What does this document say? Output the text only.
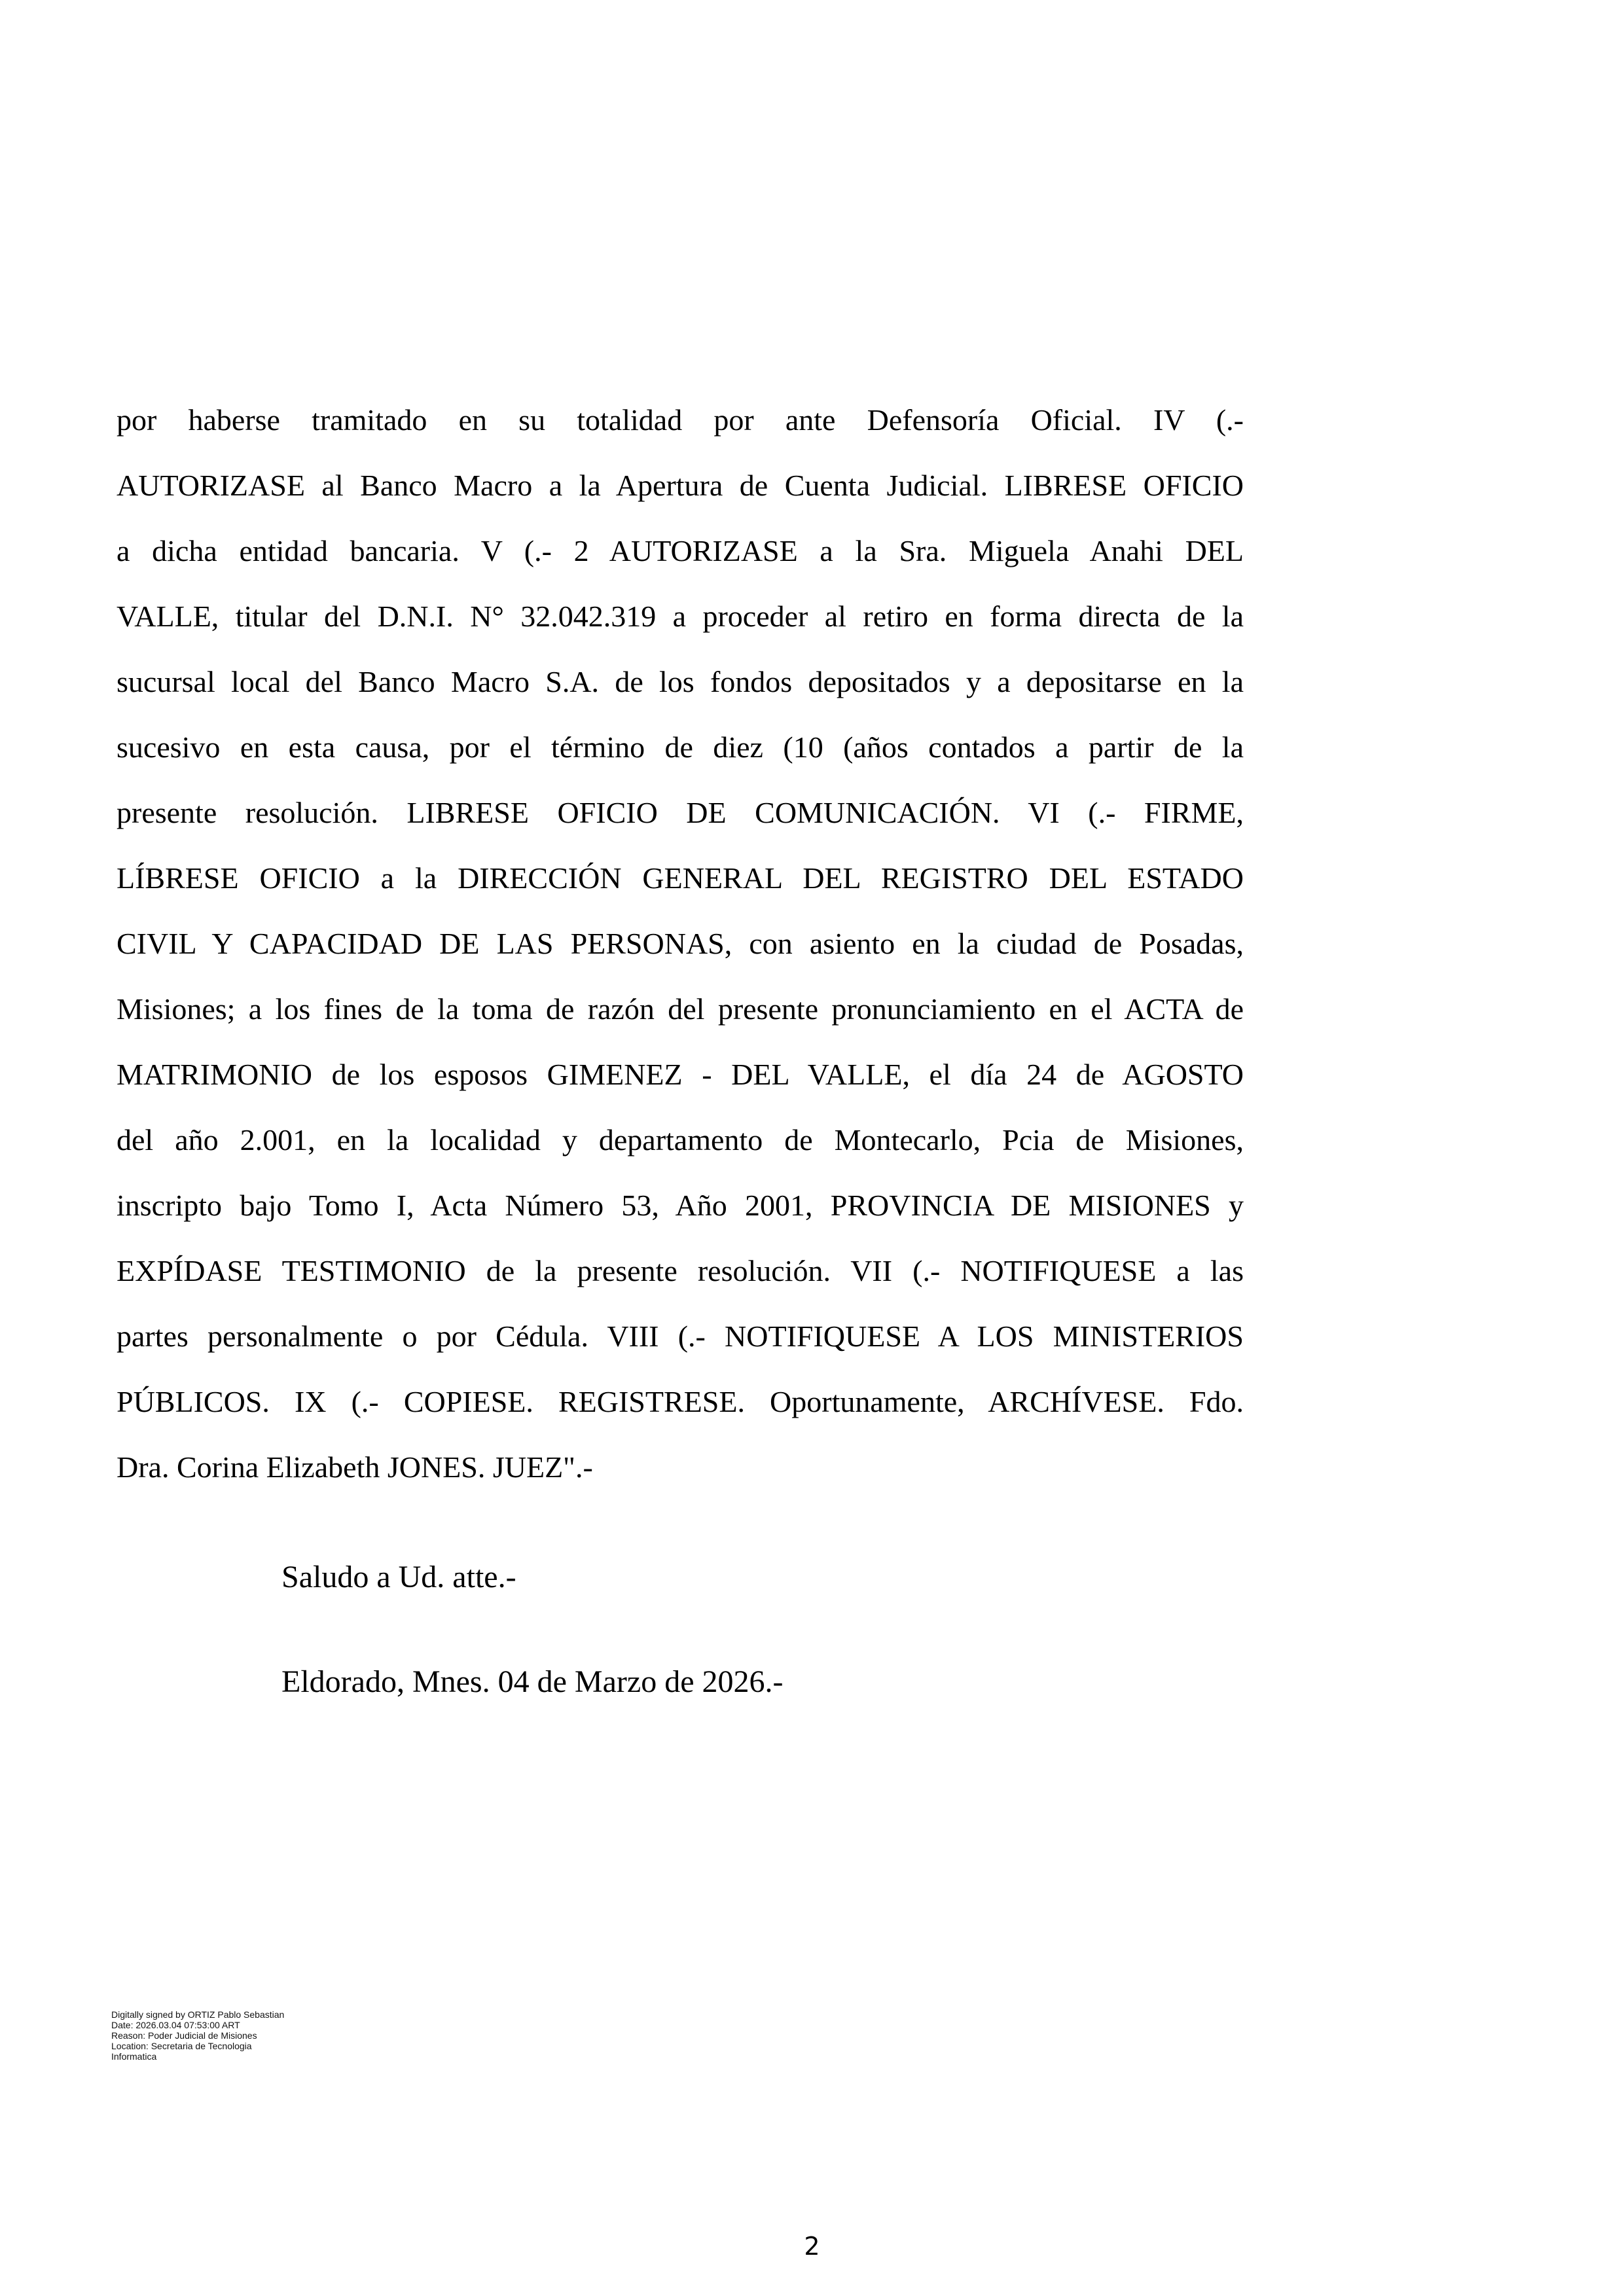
por haberse tramitado en su totalidad por ante Defensoría Oficial. IV (.-
AUTORIZASE al Banco Macro a la Apertura de Cuenta Judicial. LIBRESE OFICIO
a dicha entidad bancaria. V (.- 2 AUTORIZASE a la Sra. Miguela Anahi DEL
VALLE, titular del D.N.I. N° 32.042.319 a proceder al retiro en forma directa de la
sucursal local del Banco Macro S.A. de los fondos depositados y a depositarse en la
sucesivo en esta causa, por el término de diez (10 (años contados a partir de la
presente resolución. LIBRESE OFICIO DE COMUNICACIÓN. VI (.- FIRME,
LÍBRESE OFICIO a la DIRECCIÓN GENERAL DEL REGISTRO DEL ESTADO
CIVIL Y CAPACIDAD DE LAS PERSONAS, con asiento en la ciudad de Posadas,
Misiones; a los fines de la toma de razón del presente pronunciamiento en el ACTA de
MATRIMONIO de los esposos GIMENEZ - DEL VALLE, el día 24 de AGOSTO
del año 2.001, en la localidad y departamento de Montecarlo, Pcia de Misiones,
inscripto bajo Tomo I, Acta Número 53, Año 2001, PROVINCIA DE MISIONES y
EXPÍDASE TESTIMONIO de la presente resolución. VII (.- NOTIFIQUESE a las
partes personalmente o por Cédula. VIII (.- NOTIFIQUESE A LOS MINISTERIOS
PÚBLICOS. IX (.- COPIESE. REGISTRESE. Oportunamente, ARCHÍVESE. Fdo.
Dra. Corina Elizabeth JONES. JUEZ".-
Saludo a Ud. atte.-
Eldorado, Mnes. 04 de Marzo de 2026.-
Digitally signed by ORTIZ Pablo Sebastian
Date: 2026.03.04 07:53:00 ART
Reason: Poder Judicial de Misiones
Location: Secretaria de Tecnologia
Informatica
2
